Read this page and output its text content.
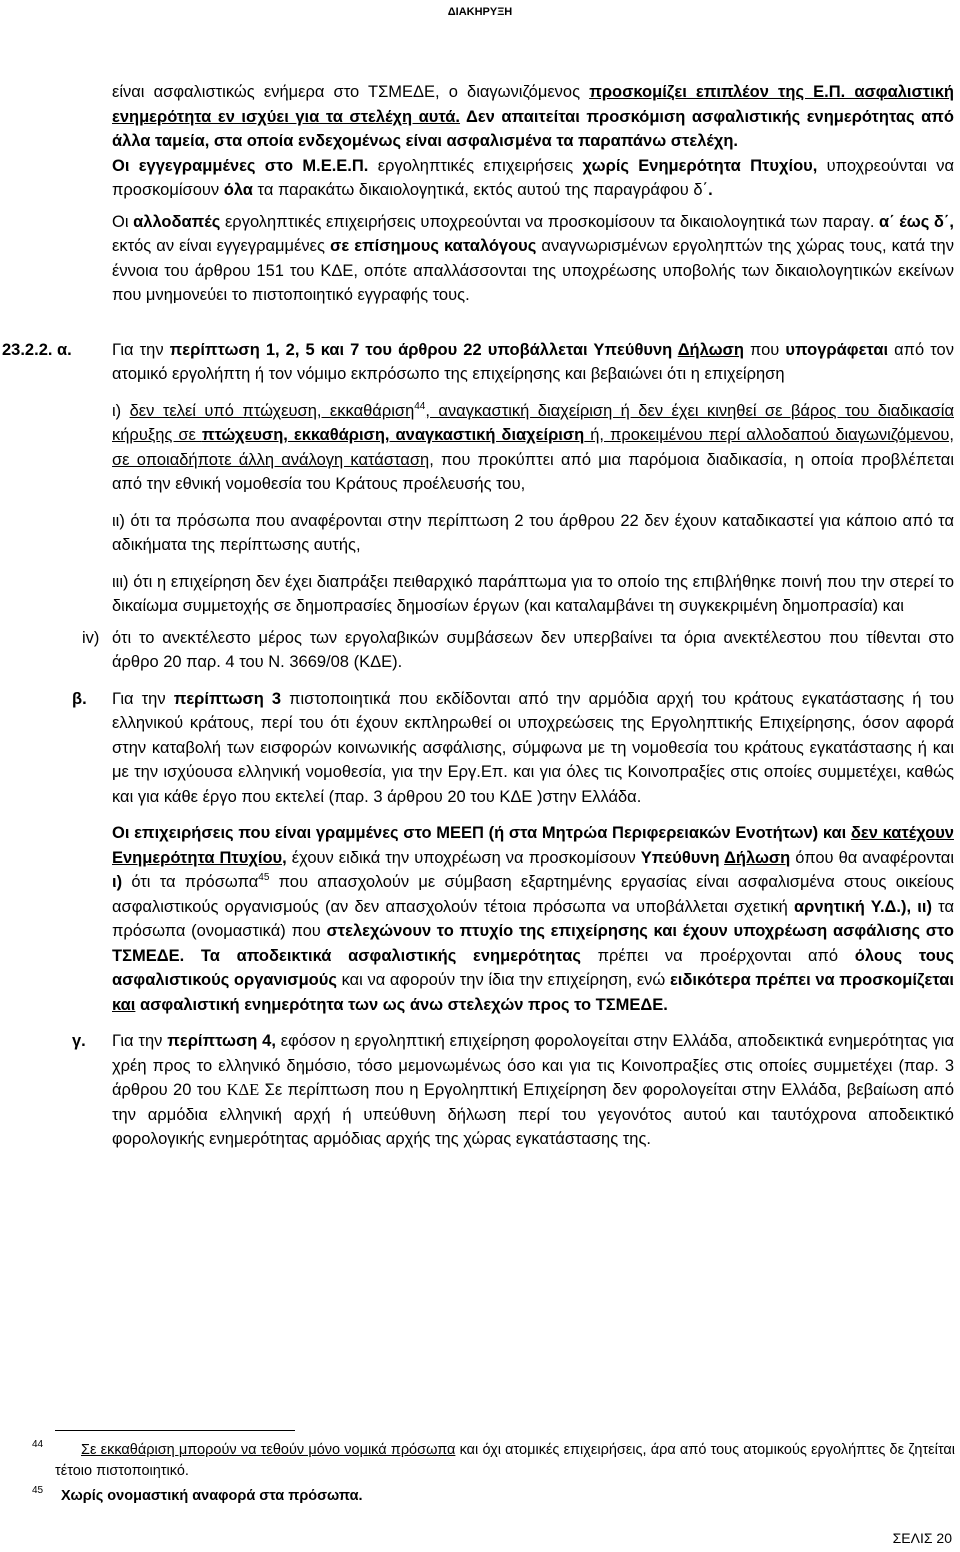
ΔΙΑΚΗΡΥΞΗ

είναι ασφαλιστικώς ενήμερα στο ΤΣΜΕΔΕ, ο διαγωνιζόμενος προσκομίζει επιπλέον της Ε.Π. ασφαλιστική ενημερότητα εν ισχύει για τα στελέχη αυτά. Δεν απαιτείται προσκόμιση ασφαλιστικής ενημερότητας από άλλα ταμεία, στα οποία ενδεχομένως είναι ασφαλισμένα τα παραπάνω στελέχη.

Οι εγγεγραμμένες στο Μ.Ε.Ε.Π. εργοληπτικές επιχειρήσεις χωρίς Ενημερότητα Πτυχίου, υποχρεούνται να προσκομίσουν όλα τα παρακάτω δικαιολογητικά, εκτός αυτού της παραγράφου δ΄.

Οι αλλοδαπές εργοληπτικές επιχειρήσεις υποχρεούνται να προσκομίσουν τα δικαιολογητικά των παραγ. α΄ έως δ΄, εκτός αν είναι εγγεγραμμένες σε επίσημους καταλόγους αναγνωρισμένων εργοληπτών της χώρας τους, κατά την έννοια του άρθρου 151 του ΚΔΕ, οπότε απαλλάσσονται της υποχρέωσης υποβολής των δικαιολογητικών εκείνων που μνημονεύει το πιστοποιητικό εγγραφής τους.

23.2.2. α. Για την περίπτωση 1, 2, 5 και 7 του άρθρου 22 υποβάλλεται Υπεύθυνη Δήλωση που υπογράφεται από τον ατομικό εργολήπτη ή τον νόμιμο εκπρόσωπο της επιχείρησης και βεβαιώνει ότι η επιχείρηση

ι) δεν τελεί υπό πτώχευση, εκκαθάριση$^{44}$, αναγκαστική διαχείριση ή δεν έχει κινηθεί σε βάρος του διαδικασία κήρυξης σε πτώχευση, εκκαθάριση, αναγκαστική διαχείριση ή, προκειμένου περί αλλοδαπού διαγωνιζόμενου, σε οποιαδήποτε άλλη ανάλογη κατάσταση, που προκύπτει από μια παρόμοια διαδικασία, η οποία προβλέπεται από την εθνική νομοθεσία του Κράτους προέλευσής του,

ιι) ότι τα πρόσωπα που αναφέρονται στην περίπτωση 2 του άρθρου 22 δεν έχουν καταδικαστεί για κάποιο από τα αδικήματα της περίπτωσης αυτής,

ιιι) ότι η επιχείρηση δεν έχει διαπράξει πειθαρχικό παράπτωμα για το οποίο της επιβλήθηκε ποινή που την στερεί το δικαίωμα συμμετοχής σε δημοπρασίες δημοσίων έργων (και καταλαμβάνει τη συγκεκριμένη δημοπρασία) και

iv) ότι το ανεκτέλεστο μέρος των εργολαβικών συμβάσεων δεν υπερβαίνει τα όρια ανεκτέλεστου που τίθενται στο άρθρο 20 παρ. 4 του Ν. 3669/08 (ΚΔΕ).

β. Για την περίπτωση 3 πιστοποιητικά που εκδίδονται από την αρμόδια αρχή του κράτους εγκατάστασης ή του ελληνικού κράτους, περί του ότι έχουν εκπληρωθεί οι υποχρεώσεις της Εργοληπτικής Επιχείρησης, όσον αφορά στην καταβολή των εισφορών κοινωνικής ασφάλισης, σύμφωνα με τη νομοθεσία του κράτους εγκατάστασης ή και με την ισχύουσα ελληνική νομοθεσία, για την Εργ.Επ. και για όλες τις Κοινοπραξίες στις οποίες συμμετέχει, καθώς και για κάθε έργο που εκτελεί (παρ. 3 άρθρου 20 του ΚΔΕ )στην Ελλάδα.

Οι επιχειρήσεις που είναι γραμμένες στο ΜΕΕΠ (ή στα Μητρώα Περιφερειακών Ενοτήτων) και δεν κατέχουν Ενημερότητα Πτυχίου, έχουν ειδικά την υποχρέωση να προσκομίσουν Υπεύθυνη Δήλωση όπου θα αναφέρονται ι) ότι τα πρόσωπα$^{45}$ που απασχολούν με σύμβαση εξαρτημένης εργασίας είναι ασφαλισμένα στους οικείους ασφαλιστικούς οργανισμούς (αν δεν απασχολούν τέτοια πρόσωπα να υποβάλλεται σχετική αρνητική Υ.Δ.), ιι) τα πρόσωπα (ονομαστικά) που στελεχώνουν το πτυχίο της επιχείρησης και έχουν υποχρέωση ασφάλισης στο ΤΣΜΕΔΕ. Τα αποδεικτικά ασφαλιστικής ενημερότητας πρέπει να προέρχονται από όλους τους ασφαλιστικούς οργανισμούς και να αφορούν την ίδια την επιχείρηση, ενώ ειδικότερα πρέπει να προσκομίζεται και ασφαλιστική ενημερότητα των ως άνω στελεχών προς το ΤΣΜΕΔΕ.

γ. Για την περίπτωση 4, εφόσον η εργοληπτική επιχείρηση φορολογείται στην Ελλάδα, αποδεικτικά ενημερότητας για χρέη προς το ελληνικό δημόσιο, τόσο μεμονωμένως όσο και για τις Κοινοπραξίες στις οποίες συμμετέχει (παρ. 3 άρθρου 20 του ΚΔΕ Σε περίπτωση που η Εργοληπτική Επιχείρηση δεν φορολογείται στην Ελλάδα, βεβαίωση από την αρμόδια ελληνική αρχή ή υπεύθυνη δήλωση περί του γεγονότος αυτού και ταυτόχρονα αποδεικτικό φορολογικής ενημερότητας αρμόδιας αρχής της χώρας εγκατάστασης της.

44	Σε εκκαθάριση μπορούν να τεθούν μόνο νομικά πρόσωπα και όχι ατομικές επιχειρήσεις, άρα από τους ατομικούς εργολήπτες δε ζητείται τέτοιο πιστοποιητικό.
45	Χωρίς ονομαστική αναφορά στα πρόσωπα.
ΣΕΛΙΣ 20
